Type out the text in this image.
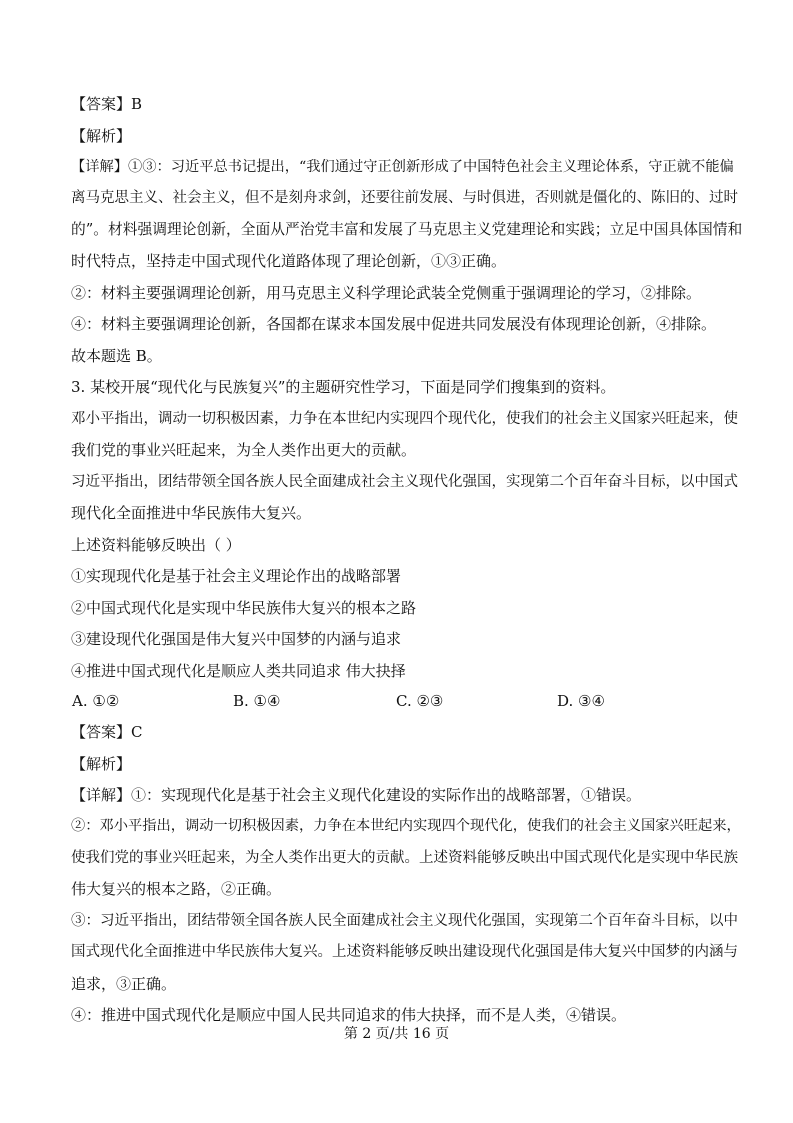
【答案】B
【解析】
【详解】①③：习近平总书记提出，“我们通过守正创新形成了中国特色社会主义理论体系，守正就不能偏
离马克思主义、社会主义，但不是刻舟求剑，还要往前发展、与时俱进，否则就是僵化的、陈旧的、过时
的”。材料强调理论创新，全面从严治党丰富和发展了马克思主义党建理论和实践；立足中国具体国情和
时代特点，坚持走中国式现代化道路体现了理论创新，①③正确。
②：材料主要强调理论创新，用马克思主义科学理论武装全党侧重于强调理论的学习，②排除。
④：材料主要强调理论创新，各国都在谋求本国发展中促进共同发展没有体现理论创新，④排除。
故本题选 B。
3. 某校开展“现代化与民族复兴”的主题研究性学习，下面是同学们搜集到的资料。
邓小平指出，调动一切积极因素，力争在本世纪内实现四个现代化，使我们的社会主义国家兴旺起来，使
我们党的事业兴旺起来，为全人类作出更大的贡献。
习近平指出，团结带领全国各族人民全面建成社会主义现代化强国，实现第二个百年奋斗目标，以中国式
现代化全面推进中华民族伟大复兴。
上述资料能够反映出（ ）
①实现现代化是基于社会主义理论作出的战略部署
②中国式现代化是实现中华民族伟大复兴的根本之路
③建设现代化强国是伟大复兴中国梦的内涵与追求
④推进中国式现代化是顺应人类共同追求 伟大抉择
A. ①②	B. ①④	C. ②③	D. ③④
【答案】C
【解析】
【详解】①：实现现代化是基于社会主义现代化建设的实际作出的战略部署，①错误。
②：邓小平指出，调动一切积极因素，力争在本世纪内实现四个现代化，使我们的社会主义国家兴旺起来，
使我们党的事业兴旺起来，为全人类作出更大的贡献。上述资料能够反映出中国式现代化是实现中华民族
伟大复兴的根本之路，②正确。
③：习近平指出，团结带领全国各族人民全面建成社会主义现代化强国，实现第二个百年奋斗目标，以中
国式现代化全面推进中华民族伟大复兴。上述资料能够反映出建设现代化强国是伟大复兴中国梦的内涵与
追求，③正确。
④：推进中国式现代化是顺应中国人民共同追求的伟大抉择，而不是人类，④错误。
第 2 页/共 16 页
